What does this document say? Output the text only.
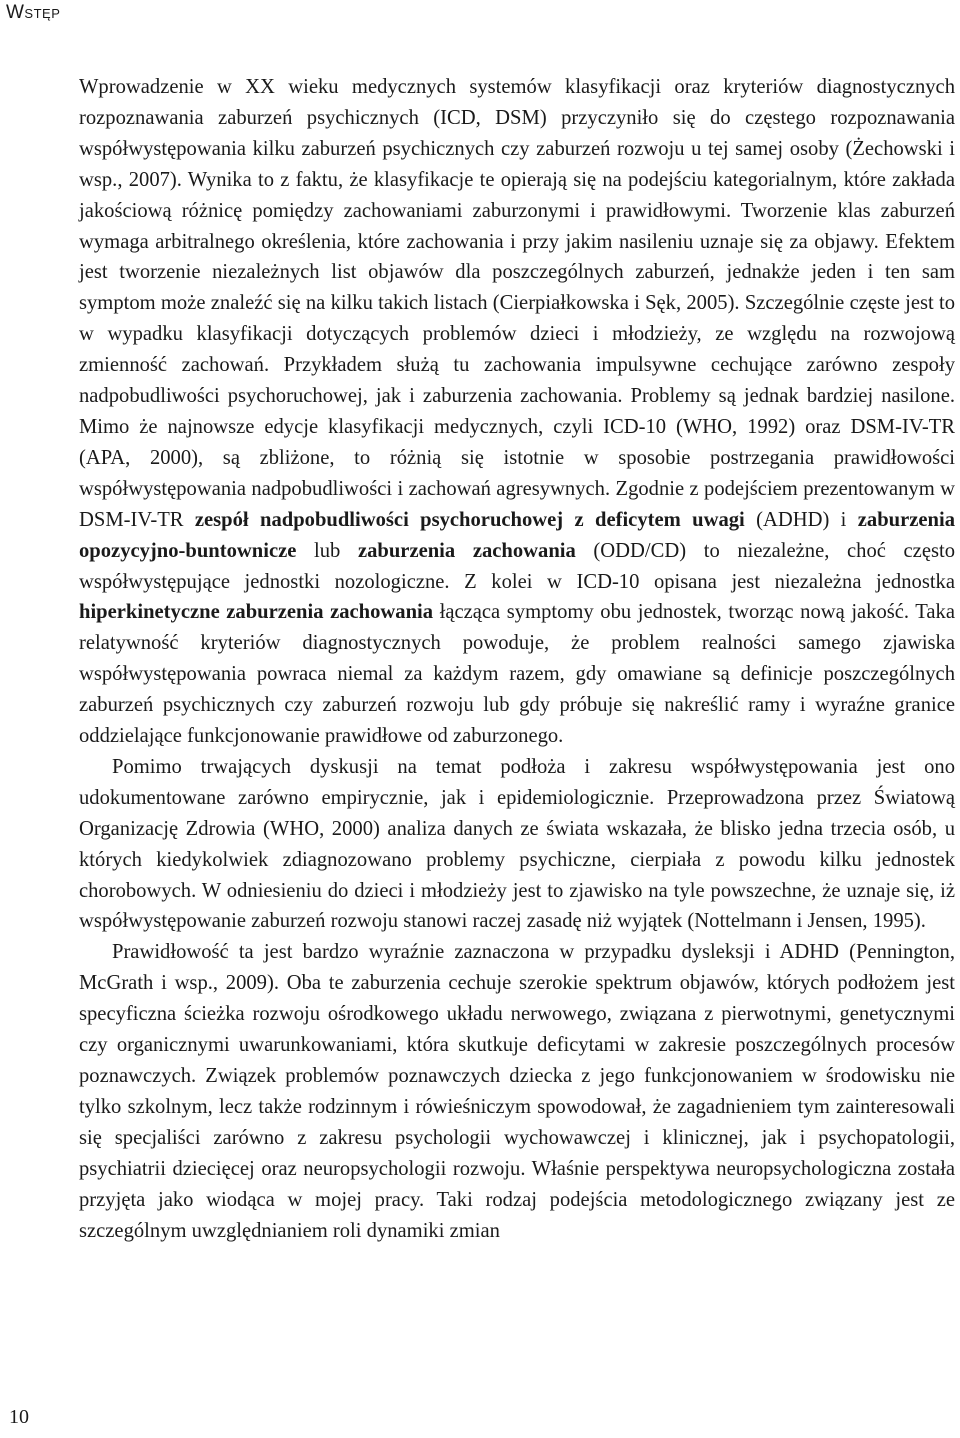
Wstęp

Wprowadzenie w XX wieku medycznych systemów klasyfikacji oraz kryteriów diagnostycznych rozpoznawania zaburzeń psychicznych (ICD, DSM) przyczyniło się do częstego rozpoznawania współwystępowania kilku zaburzeń psychicznych czy zaburzeń rozwoju u tej samej osoby (Żechowski i wsp., 2007). Wynika to z faktu, że klasyfikacje te opierają się na podejściu kategorialnym, które zakłada jakościową różnicę pomiędzy zachowaniami zaburzonymi i prawidłowymi. Tworzenie klas zaburzeń wymaga arbitralnego określenia, które zachowania i przy jakim nasileniu uznaje się za objawy. Efektem jest tworzenie niezależnych list objawów dla poszczególnych zaburzeń, jednakże jeden i ten sam symptom może znaleźć się na kilku takich listach (Cierpiałkowska i Sęk, 2005). Szczególnie częste jest to w wypadku klasyfikacji dotyczących problemów dzieci i młodzieży, ze względu na rozwojową zmienność zachowań. Przykładem służą tu zachowania impulsywne cechujące zarówno zespoły nadpobudliwości psychoruchowej, jak i zaburzenia zachowania. Problemy są jednak bardziej nasilone. Mimo że najnowsze edycje klasyfikacji medycznych, czyli ICD-10 (WHO, 1992) oraz DSM-IV-TR (APA, 2000), są zbliżone, to różnią się istotnie w sposobie postrzegania prawidłowości współwystępowania nadpobudliwości i zachowań agresywnych. Zgodnie z podejściem prezentowanym w DSM-IV-TR zespół nadpobudliwości psychoruchowej z deficytem uwagi (ADHD) i zaburzenia opozycyjno-buntownicze lub zaburzenia zachowania (ODD/CD) to niezależne, choć często współwystępujące jednostki nozologiczne. Z kolei w ICD-10 opisana jest niezależna jednostka hiperkinetyczne zaburzenia zachowania łącząca symptomy obu jednostek, tworząc nową jakość. Taka relatywność kryteriów diagnostycznych powoduje, że problem realności samego zjawiska współwystępowania powraca niemal za każdym razem, gdy omawiane są definicje poszczególnych zaburzeń psychicznych czy zaburzeń rozwoju lub gdy próbuje się nakreślić ramy i wyraźne granice oddzielające funkcjonowanie prawidłowe od zaburzonego.

Pomimo trwających dyskusji na temat podłoża i zakresu współwystępowania jest ono udokumentowane zarówno empirycznie, jak i epidemiologicznie. Przeprowadzona przez Światową Organizację Zdrowia (WHO, 2000) analiza danych ze świata wskazała, że blisko jedna trzecia osób, u których kiedykolwiek zdiagnozowano problemy psychiczne, cierpiała z powodu kilku jednostek chorobowych. W odniesieniu do dzieci i młodzieży jest to zjawisko na tyle powszechne, że uznaje się, iż współwystępowanie zaburzeń rozwoju stanowi raczej zasadę niż wyjątek (Nottelmann i Jensen, 1995).

Prawidłowość ta jest bardzo wyraźnie zaznaczona w przypadku dysleksji i ADHD (Pennington, McGrath i wsp., 2009). Oba te zaburzenia cechuje szerokie spektrum objawów, których podłożem jest specyficzna ścieżka rozwoju ośrodkowego układu nerwowego, związana z pierwotnymi, genetycznymi czy organicznymi uwarunkowaniami, która skutkuje deficytami w zakresie poszczególnych procesów poznawczych. Związek problemów poznawczych dziecka z jego funkcjonowaniem w środowisku nie tylko szkolnym, lecz także rodzinnym i rówieśniczym spowodował, że zagadnieniem tym zainteresowali się specjaliści zarówno z zakresu psychologii wychowawczej i klinicznej, jak i psychopatologii, psychiatrii dziecięcej oraz neuropsychologii rozwoju. Właśnie perspektywa neuropsychologiczna została przyjęta jako wiodąca w mojej pracy. Taki rodzaj podejścia metodologicznego związany jest ze szczególnym uwzględnianiem roli dynamiki zmian

10
